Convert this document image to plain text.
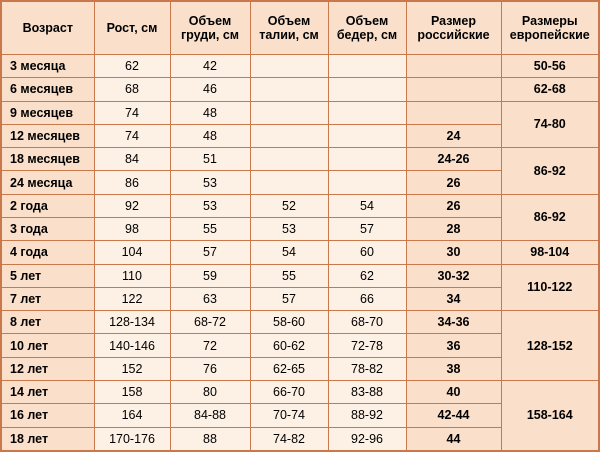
Возраст	Рост, см	Объем груди, см	Объем талии, см	Объем бедер, см	Размер российские	Размеры европейские
3 месяца	62	42				50-56
6 месяцев	68	46				62-68
9 месяцев	74	48				74-80
12 месяцев	74	48			24	
18 месяцев	84	51			24-26	86-92
24 месяца	86	53			26	
2 года	92	53	52	54	26	86-92
3 года	98	55	53	57	28	
4 года	104	57	54	60	30	98-104
5 лет	110	59	55	62	30-32	110-122
7 лет	122	63	57	66	34	
8 лет	128-134	68-72	58-60	68-70	34-36	128-152
10 лет	140-146	72	60-62	72-78	36	
12 лет	152	76	62-65	78-82	38	
14 лет	158	80	66-70	83-88	40	158-164
16 лет	164	84-88	70-74	88-92	42-44	
18 лет	170-176	88	74-82	92-96	44	
